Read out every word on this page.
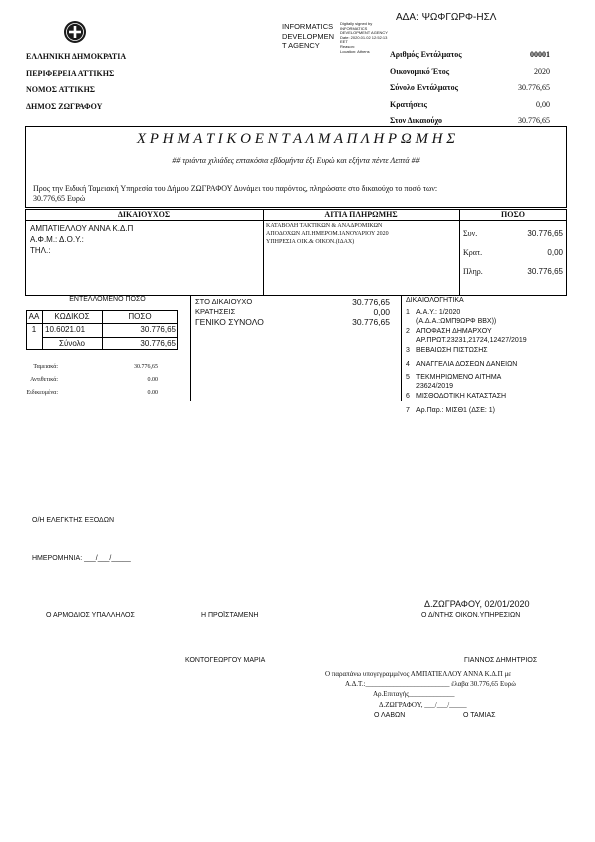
ΑΔΑ: ΨΩΦΓΩΡΦ-ΗΣΛ
INFORMATICS
DEVELOPMEN
T AGENCY
Digitally signed by
INFORMATICS
DEVELOPMENT AGENCY
Date: 2020.01.02 12:52:13
EET
Reason:
Location: Athens
ΕΛΛΗΝΙΚΗ ΔΗΜΟΚΡΑΤΙΑ
ΠΕΡΙΦΕΡΕΙΑ ΑΤΤΙΚΗΣ
ΝΟΜΟΣ ΑΤΤΙΚΗΣ
ΔΗΜΟΣ ΖΩΓΡΑΦΟΥ
Αριθμός Εντάλματος	00001
Οικονομικό Έτος	2020
Σύνολο Εντάλματος	30.776,65
Κρατήσεις	0,00
Στον Δικαιούχο	30.776,65
Χ Ρ Η Μ Α Τ Ι Κ Ο Ε Ν Τ Α Λ Μ Α Π Λ Η Ρ Ω Μ Η Σ
## τριάντα χιλιάδες επτακόσια εβδομήντα έξι Ευρώ και εξήντα πέντε Λεπτά ##
Προς την Ειδική Ταμειακή Υπηρεσία του Δήμου ΖΩΓΡΑΦΟΥ Δυνάμει του παρόντος, πληρώσατε στο δικαιούχο το ποσό των:
30.776,65 Ευρώ
ΔΙΚΑΙΟΥΧΟΣ	ΑΙΤΙΑ ΠΛΗΡΩΜΗΣ	ΠΟΣΟ
ΑΜΠΑΤΙΕΛΛΟΥ ΑΝΝΑ Κ.Δ.Π
Α.Φ.Μ.: Δ.Ο.Υ.:
ΤΗΛ.:
ΚΑΤΑΒΟΛΗ ΤΑΚΤΙΚΩΝ & ΑΝΑΔΡΟΜΙΚΩΝ
ΑΠΟΔΟΧΩΝ ΑΠ.ΗΜΕΡΟΜ.ΙΑΝΟΥΑΡΙΟΥ 2020
ΥΠΗΡΕΣΙΑ ΟΙΚ.& ΟΙΚΟΝ.(ΙΔΑΧ)
Συν.	30.776,65
Κρατ.	0,00
Πληρ.	30.776,65
ΕΝΤΕΛΛΟΜΕΝΟ ΠΟΣΟ
ΑΑ	ΚΩΔΙΚΟΣ	ΠΟΣΟ
1	10.6021.01	30.776,65
Σύνολο	30.776,65
Ταμειακά:	30.776,65
Αντιθετικά:	0.00
Ειδικευμένα:	0.00
ΣΤΟ ΔΙΚΑΙΟΥΧΟ	30.776,65
ΚΡΑΤΗΣΕΙΣ	0,00
ΓΕΝΙΚΟ ΣΥΝΟΛΟ	30.776,65
ΔΙΚΑΙΟΛΟΓΗΤΙΚΑ
1 Α.Α.Υ.: 1/2020
(Α.Δ.Α.:ΩΜΠ9ΩΡΦ ΒΒΧ))
2 ΑΠΟΦΑΣΗ ΔΗΜΑΡΧΟΥ
ΑΡ.ΠΡΩΤ.23231,21724,12427/2019
3 ΒΕΒΑΙΩΣΗ ΠΙΣΤΩΣΗΣ
4 ΑΝΑΓΓΕΛΙΑ ΔΟΣΕΩΝ ΔΑΝΕΙΩΝ
5 ΤΕΚΜΗΡΙΩΜΕΝΟ ΑΙΤΗΜΑ
23624/2019
6 ΜΙΣΘΟΔΟΤΙΚΗ ΚΑΤΑΣΤΑΣΗ
7 Αρ.Παρ.: ΜΙΣΘ1 (ΔΣΕ: 1)
Ο/Η ΕΛΕΓΚΤΗΣ ΕΞΟΔΩΝ
ΗΜΕΡΟΜΗΝΙΑ: ___/___/_____
Δ.ΖΩΓΡΑΦΟΥ, 02/01/2020
Ο ΑΡΜΟΔΙΟΣ ΥΠΑΛΛΗΛΟΣ	Η ΠΡΟΪΣΤΑΜΕΝΗ	Ο Δ/ΝΤΗΣ ΟΙΚΟΝ.ΥΠΗΡΕΣΙΩΝ
ΚΟΝΤΟΓΕΩΡΓΟΥ ΜΑΡΙΑ	ΓΙΑΝΝΟΣ ΔΗΜΗΤΡΙΟΣ
Ο παραπάνω υπογεγραμμένος ΑΜΠΑΤΙΕΛΛΟΥ ΑΝΝΑ Κ.Δ.Π με
Α.Δ.Τ.:________________________ έλαβα 30.776,65 Ευρώ
Αρ.Επιταγής_____________
Δ.ΖΩΓΡΑΦΟΥ, ___/___/_____
Ο ΛΑΒΩΝ	Ο ΤΑΜΙΑΣ
